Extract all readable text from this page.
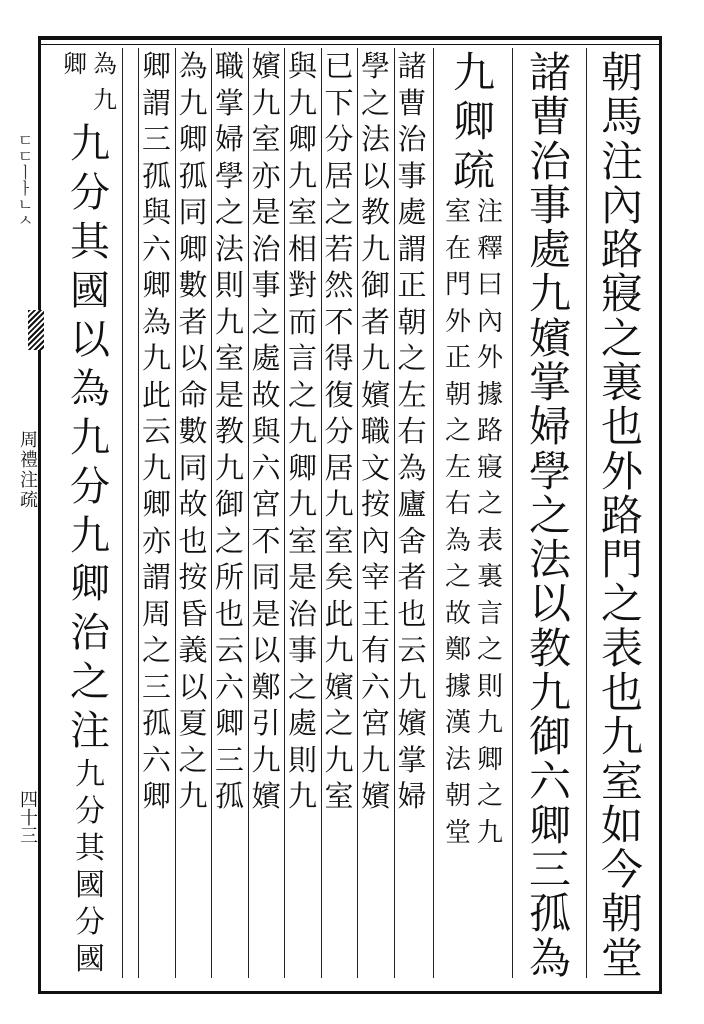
ㄷㄷㅣㅏㄴㅅ
周禮注疏
四十三
朝
馬
注
內
路
寢
之
裏
也
外
路
門
之
表
也
九
室
如
今
朝
堂
諸
曹
治
事
處
九
嬪
掌
婦
學
之
法
以
教
九
御
六
卿
三
孤
為
九
卿
疏
注
釋
曰
內
外
據
路
寢
之
表
裏
言
之
則
九
卿
之
九
室
在
門
外
正
朝
之
左
右
為
之
故
鄭
據
漢
法
朝
堂
諸
曹
治
事
處
謂
正
朝
之
左
右
為
廬
舍
者
也
云
九
嬪
掌
婦
學
之
法
以
教
九
御
者
九
嬪
職
文
按
內
宰
王
有
六
宮
九
嬪
已
下
分
居
之
若
然
不
得
復
分
居
九
室
矣
此
九
嬪
之
九
室
與
九
卿
九
室
相
對
而
言
之
九
卿
九
室
是
治
事
之
處
則
九
嬪
九
室
亦
是
治
事
之
處
故
與
六
宮
不
同
是
以
鄭
引
九
嬪
職
掌
婦
學
之
法
則
九
室
是
教
九
御
之
所
也
云
六
卿
三
孤
為
九
卿
孤
同
卿
數
者
以
命
數
同
故
也
按
昏
義
以
夏
之
九
卿
謂
三
孤
與
六
卿
為
九
此
云
九
卿
亦
謂
周
之
三
孤
六
卿
為
九
卿
九
分
其
國
以
為
九
分
九
卿
治
之
注
九
分
其
國
分
國
